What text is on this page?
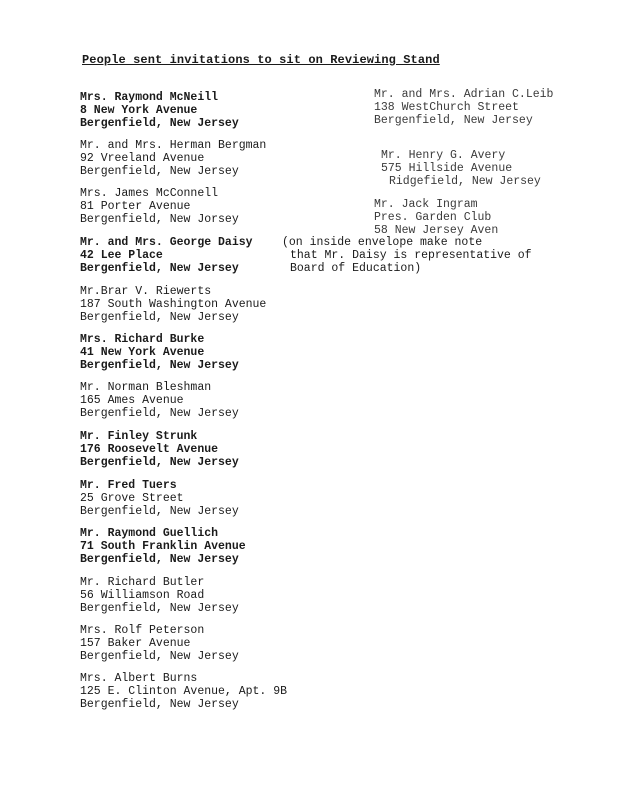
People sent invitations to sit on Reviewing Stand
Mrs. Raymond McNeill
8 New York Avenue
Bergenfield, New Jersey
Mr. and Mrs. Herman Bergman
92 Vreeland Avenue
Bergenfield, New Jersey
Mrs. James McConnell
81 Porter Avenue
Bergenfield, New Jorsey
Mr. and Mrs. George Daisy
42 Lee Place
Bergenfield, New Jersey
Mr.Brar V. Riewerts
187 South Washington Avenue
Bergenfield, New Jersey
Mrs. Richard Burke
41 New York Avenue
Bergenfield, New Jersey
Mr. Norman Bleshman
165 Ames Avenue
Bergenfield, New Jersey
Mr. Finley Strunk
176 Roosevelt Avenue
Bergenfield, New Jersey
Mr. Fred Tuers
25 Grove Street
Bergenfield, New Jersey
Mr. Raymond Guellich
71 South Franklin Avenue
Bergenfield, New Jersey
Mr. Richard Butler
56 Williamson Road
Bergenfield, New Jersey
Mrs. Rolf Peterson
157 Baker Avenue
Bergenfield, New Jersey
Mrs. Albert Burns
125 E. Clinton Avenue, Apt. 9B
Bergenfield, New Jersey
Mr. and Mrs. Adrian C.Leib
138 WestChurch Street
Bergenfield, New Jersey
Mr. Henry G. Avery
575 Hillside Avenue
Ridgefield, New Jersey
Mr. Jack Ingram
Pres. Garden Club
58 New Jersey Aven
(on inside envelope make note
that Mr. Daisy is representative of
Board of Education)
